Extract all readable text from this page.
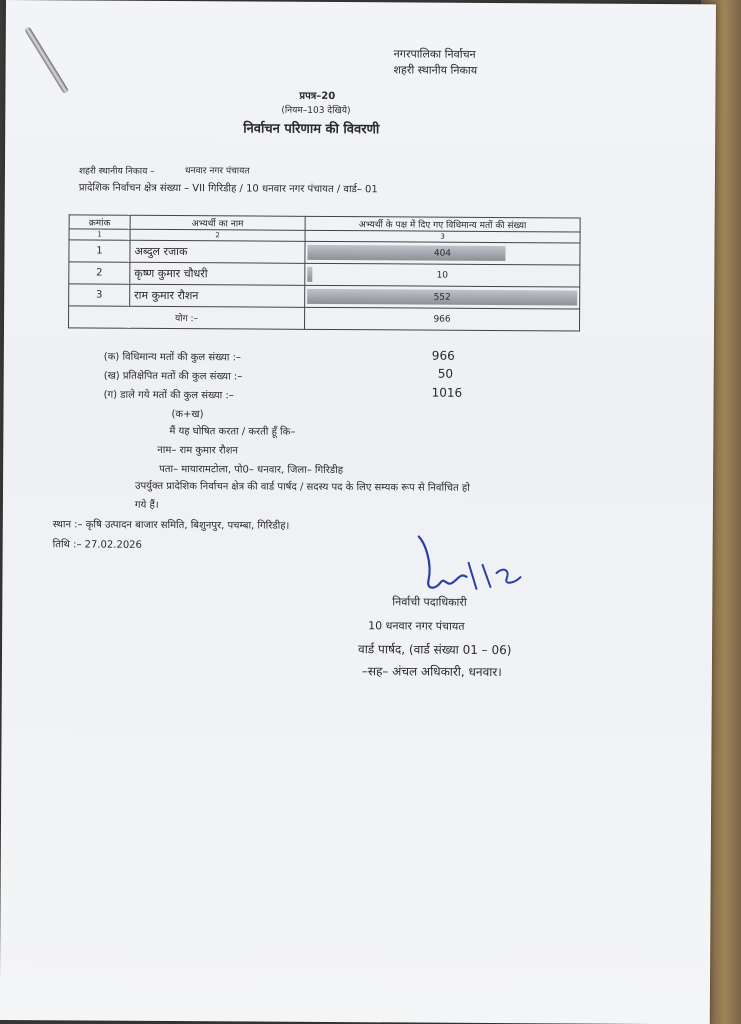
नगरपालिका निर्वाचन
शहरी स्थानीय निकाय
प्रपत्र–20
(नियम–103 देखिये)
निर्वाचन परिणाम की विवरणी
शहरी स्थानीय निकाय –	धनवार नगर पंचायत
प्रादेशिक निर्वाचन क्षेत्र संख्या – VII गिरिडीह / 10 धनवार नगर पंचायत / वार्ड– 01
क्रमांक	अभ्यर्थी का नाम	अभ्यर्थी के पक्ष में दिए गए विधिमान्य मतों की संख्या
1	2	3
1	अब्दुल रजाक	404

2	कृष्ण कुमार चौधरी	10

3	राम कुमार रौशन	552

योग :–		966
(क) विधिमान्य मतों की कुल संख्या :–	966
(ख) प्रतिक्षेपित मतों की कुल संख्या :–	50
(ग) डाले गये मतों की कुल संख्या :–	1016
(क+ख)
मैं यह घोषित करता / करती हूँ कि–
नाम– राम कुमार रौशन
पता– मायारामटोला, पो0– धनवार, जिला– गिरिडीह
उपर्युक्त प्रादेशिक निर्वाचन क्षेत्र की वार्ड पार्षद / सदस्य पद के लिए सम्यक रूप से निर्वाचित हो
गये हैं।
स्थान :– कृषि उत्पादन बाजार समिति, बिशुनपुर, पचम्बा, गिरिडीह।
तिथि :– 27.02.2026
निर्वाची पदाधिकारी
10 धनवार नगर पंचायत
वार्ड पार्षद, (वार्ड संख्या 01 – 06)
–सह– अंचल अधिकारी, धनवार।
